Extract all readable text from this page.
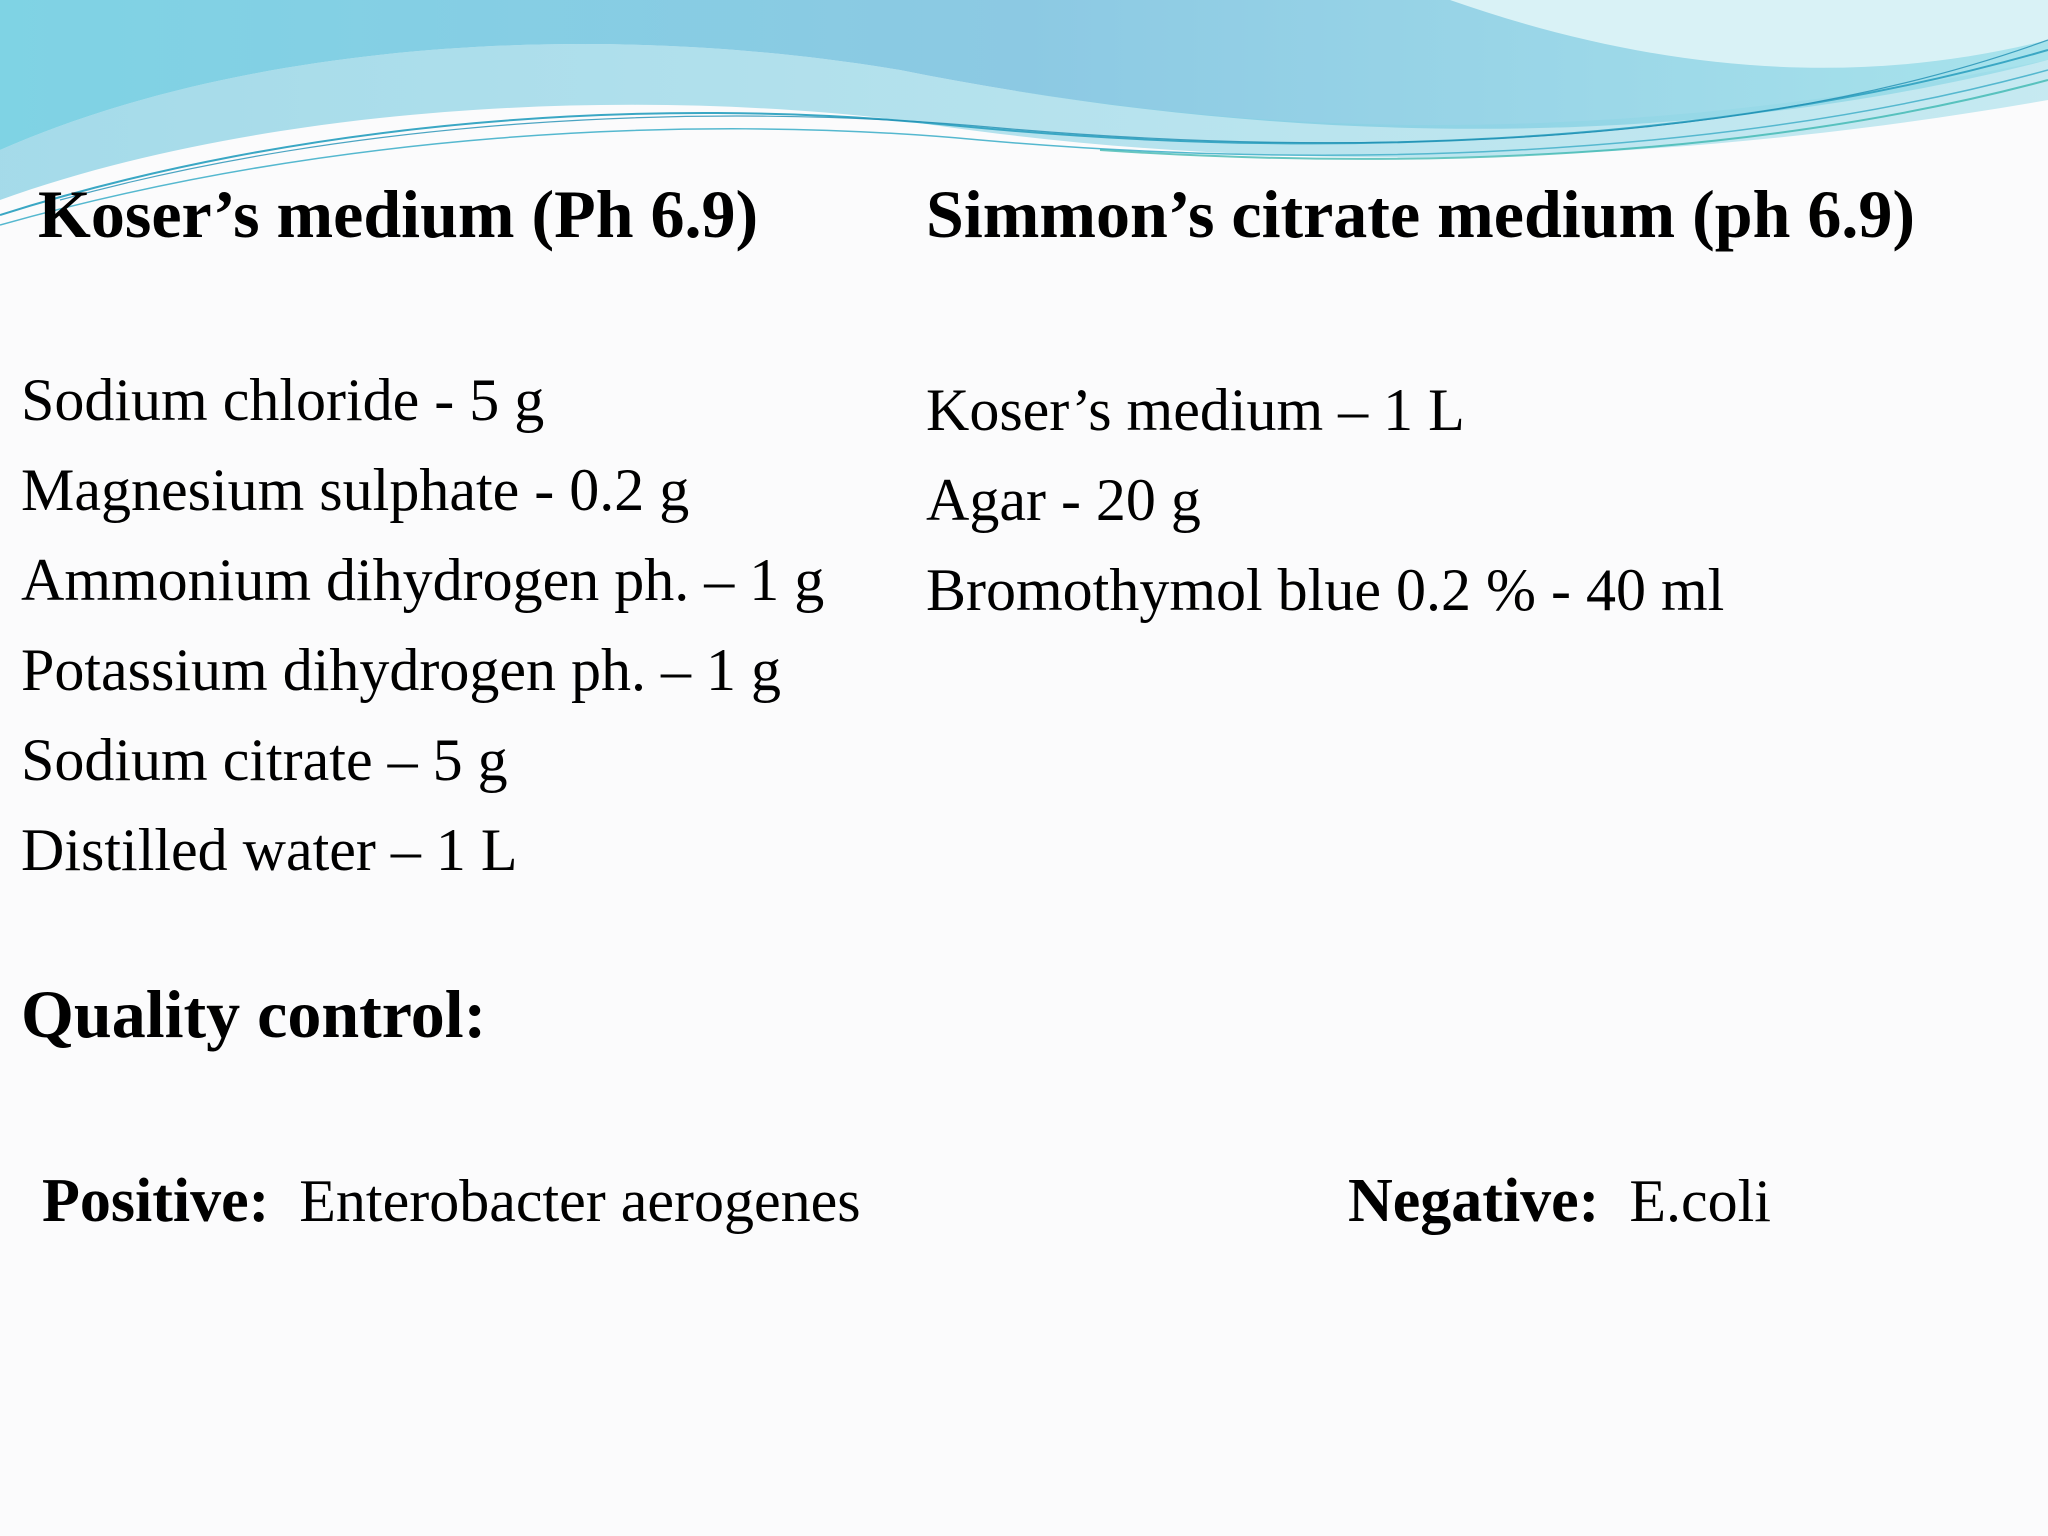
Koser’s medium (Ph 6.9) Simmon’s citrate medium (ph 6.9)
Sodium chloride - 5 g
Magnesium sulphate - 0.2 g
Ammonium dihydrogen ph. – 1 g
Potassium dihydrogen ph. – 1 g
Sodium citrate – 5 g
Distilled water – 1 L
Koser’s medium – 1 L
Agar - 20 g
Bromothymol blue 0.2 % - 40 ml
Quality control:
Positive: Enterobacter aerogenes	Negative: E.coli
